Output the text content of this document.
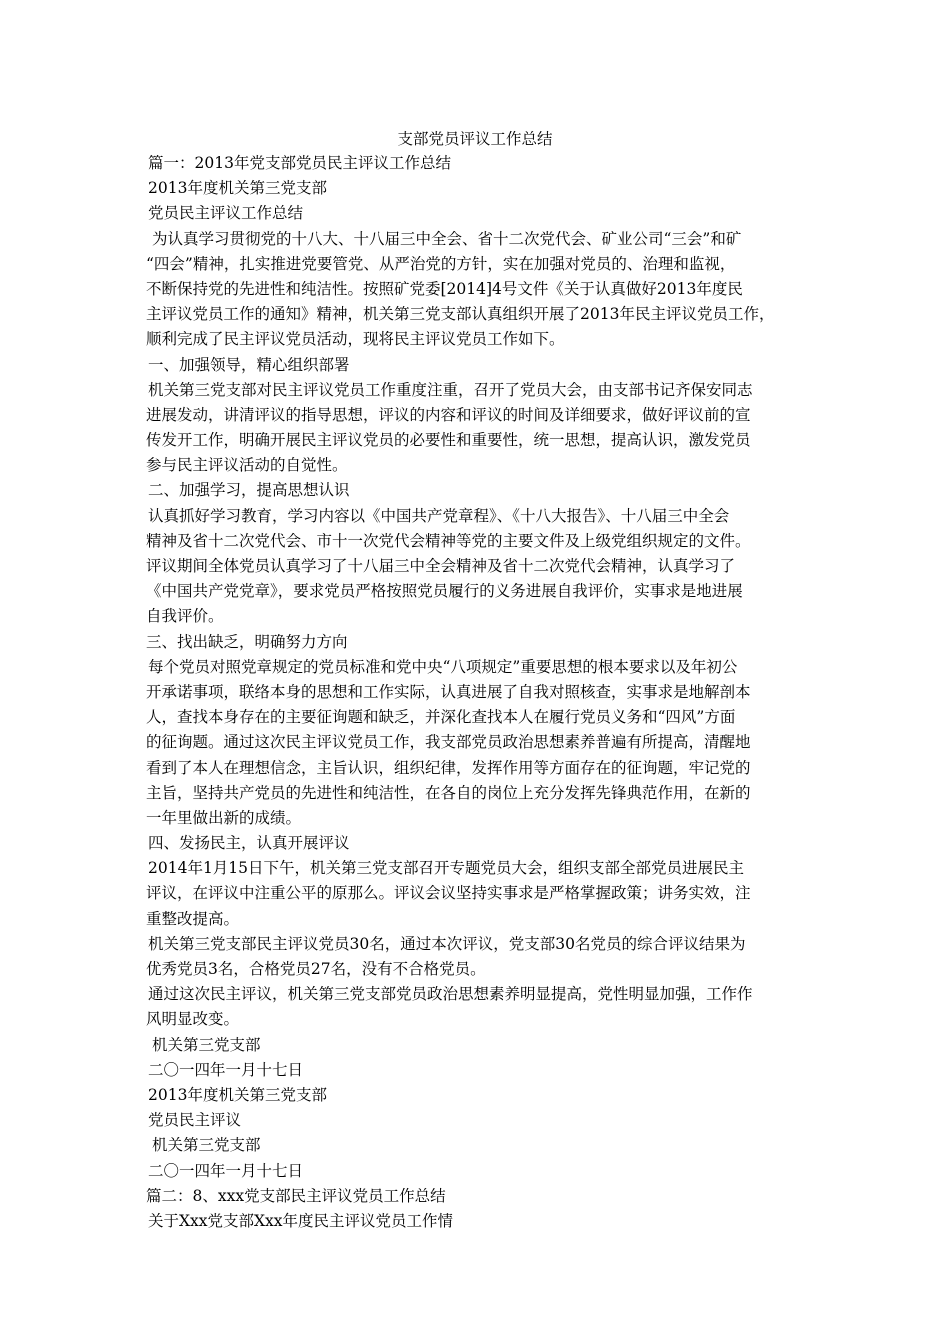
支部党员评议工作总结
篇一：2013年党支部党员民主评议工作总结
2013年度机关第三党支部
党员民主评议工作总结
为认真学习贯彻党的十八大、十八届三中全会、省十二次党代会、矿业公司“三会”和矿
“四会”精神，扎实推进党要管党、从严治党的方针，实在加强对党员的、治理和监视，
不断保持党的先进性和纯洁性。按照矿党委[2014]4号文件《关于认真做好2013年度民
主评议党员工作的通知》精神，机关第三党支部认真组织开展了2013年民主评议党员工作，
顺利完成了民主评议党员活动，现将民主评议党员工作如下。
一、加强领导，精心组织部署
机关第三党支部对民主评议党员工作重度注重，召开了党员大会，由支部书记齐保安同志
进展发动，讲清评议的指导思想，评议的内容和评议的时间及详细要求，做好评议前的宣
传发开工作，明确开展民主评议党员的必要性和重要性，统一思想，提高认识，激发党员
参与民主评议活动的自觉性。
二、加强学习，提高思想认识
认真抓好学习教育，学习内容以《中国共产党章程》、《十八大报告》、十八届三中全会
精神及省十二次党代会、市十一次党代会精神等党的主要文件及上级党组织规定的文件。
评议期间全体党员认真学习了十八届三中全会精神及省十二次党代会精神，认真学习了
《中国共产党党章》，要求党员严格按照党员履行的义务进展自我评价，实事求是地进展
自我评价。
三、找出缺乏，明确努力方向
每个党员对照党章规定的党员标准和党中央“八项规定”重要思想的根本要求以及年初公
开承诺事项，联络本身的思想和工作实际，认真进展了自我对照核查，实事求是地解剖本
人，查找本身存在的主要征询题和缺乏，并深化查找本人在履行党员义务和“四风”方面
的征询题。通过这次民主评议党员工作，我支部党员政治思想素养普遍有所提高，清醒地
看到了本人在理想信念，主旨认识，组织纪律，发挥作用等方面存在的征询题，牢记党的
主旨，坚持共产党员的先进性和纯洁性，在各自的岗位上充分发挥先锋典范作用，在新的
一年里做出新的成绩。
四、发扬民主，认真开展评议
2014年1月15日下午，机关第三党支部召开专题党员大会，组织支部全部党员进展民主
评议，在评议中注重公平的原那么。评议会议坚持实事求是严格掌握政策；讲务实效，注
重整改提高。
机关第三党支部民主评议党员30名，通过本次评议，党支部30名党员的综合评议结果为
优秀党员3名，合格党员27名，没有不合格党员。
通过这次民主评议，机关第三党支部党员政治思想素养明显提高，党性明显加强，工作作
风明显改变。
机关第三党支部
二〇一四年一月十七日
2013年度机关第三党支部
党员民主评议
机关第三党支部
二〇一四年一月十七日
篇二：8、xxx党支部民主评议党员工作总结
关于Xxx党支部Xxx年度民主评议党员工作情
